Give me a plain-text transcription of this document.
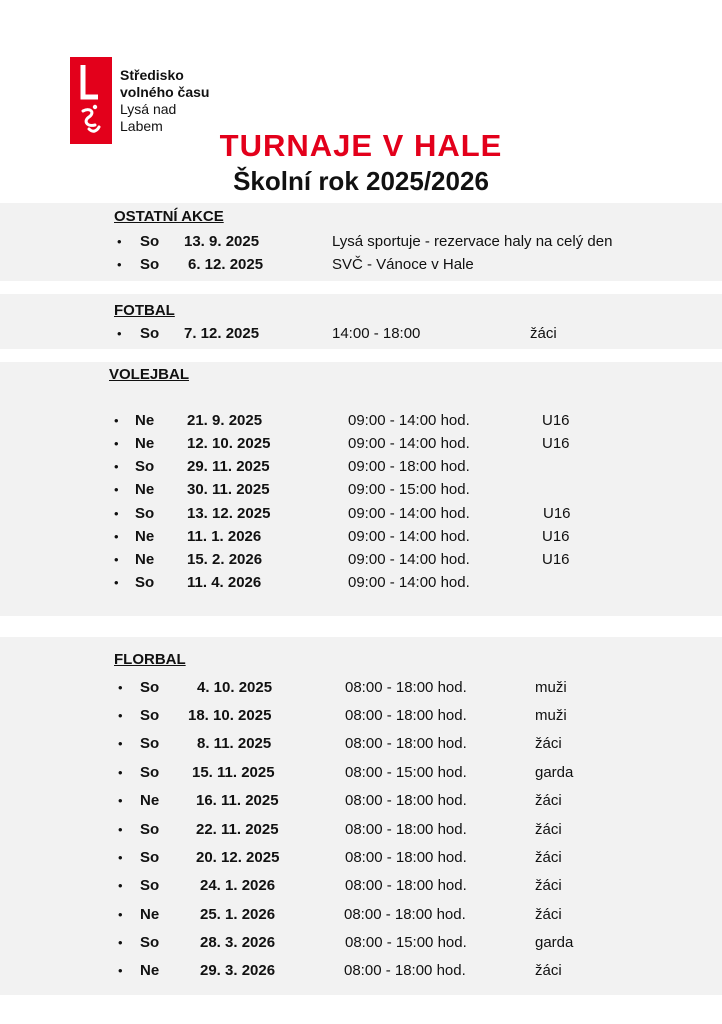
Středisko
volného času
Lysá nad
Labem
TURNAJE V HALE
Školní rok 2025/2026
OSTATNÍ AKCE
• So 13. 9. 2025	Lysá sportuje - rezervace haly na celý den
• So 6. 12. 2025	SVČ - Vánoce v Hale
FOTBAL
• So 7. 12. 2025	14:00 - 18:00	žáci
VOLEJBAL
• Ne 21. 9. 2025	09:00 - 14:00 hod.	U16
• Ne 12. 10. 2025	09:00 - 14:00 hod.	U16
• So 29. 11. 2025	09:00 - 18:00 hod.
• Ne 30. 11. 2025	09:00 - 15:00 hod.
• So 13. 12. 2025	09:00 - 14:00 hod.	U16
• Ne 11. 1. 2026	09:00 - 14:00 hod.	U16
• Ne 15. 2. 2026	09:00 - 14:00 hod.	U16
• So 11. 4. 2026	09:00 - 14:00 hod.
FLORBAL
• So	4. 10. 2025	08:00 - 18:00 hod.	muži
• So 18. 10. 2025	08:00 - 18:00 hod.	muži
• So	8. 11. 2025	08:00 - 18:00 hod.	žáci
• So 15. 11. 2025	08:00 - 15:00 hod.	garda
• Ne 16. 11. 2025	08:00 - 18:00 hod.	žáci
• So 22. 11. 2025	08:00 - 18:00 hod.	žáci
• So 20. 12. 2025	08:00 - 18:00 hod.	žáci
• So	24. 1. 2026	08:00 - 18:00 hod.	žáci
• Ne	25. 1. 2026	08:00 - 18:00 hod.	žáci
• So	28. 3. 2026	08:00 - 15:00 hod.	garda
• Ne	29. 3. 2026	08:00 - 18:00 hod.	žáci
